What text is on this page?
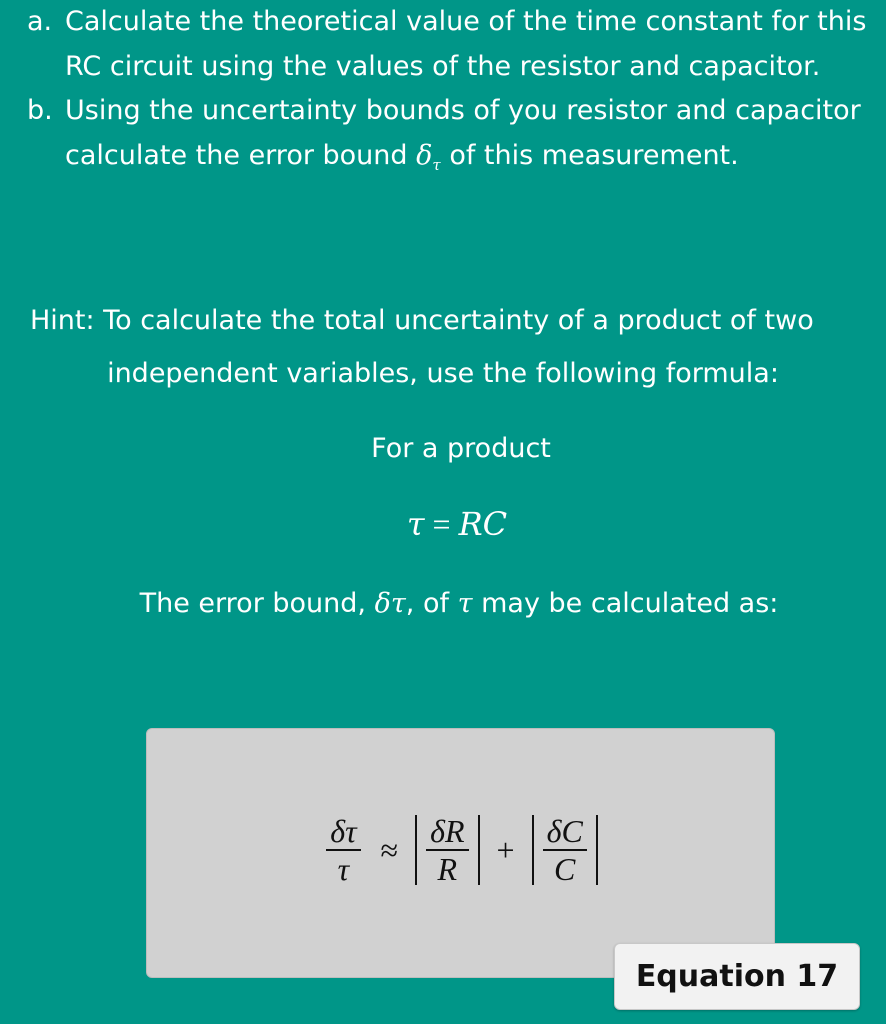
a. Calculate the theoretical value of the time constant for this RC circuit using the values of the resistor and capacitor.
b. Using the uncertainty bounds of you resistor and capacitor calculate the error bound $\delta_\tau$ of this measurement.
Hint: To calculate the total uncertainty of a product of two
independent variables, use the following formula:
For a product
τ = RC
The error bound, δτ, of τ may be calculated as:
$\frac{\delta\tau}{\tau} \approx \frac{\delta R}{R} + \frac{\delta C}{C}$
Equation 17
